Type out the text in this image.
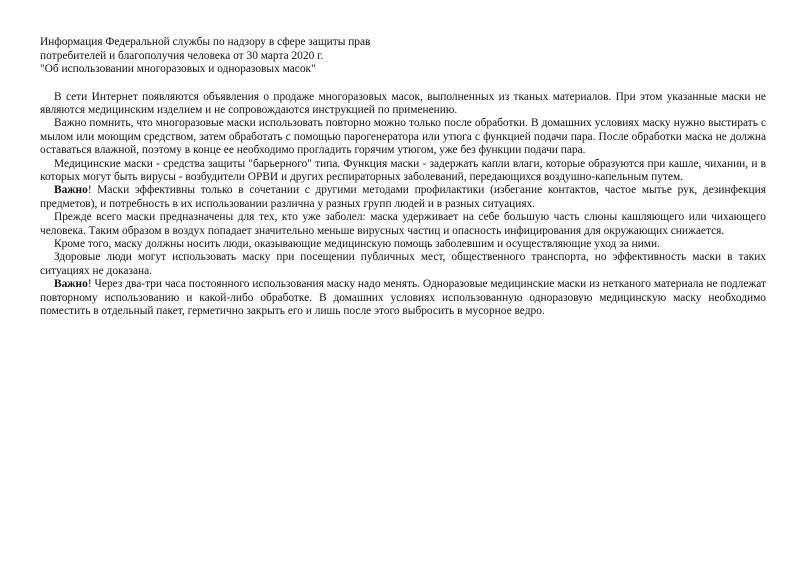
Информация Федеральной службы по надзору в сфере защиты прав
потребителей и благополучия человека от 30 марта 2020 г.
"Об использовании многоразовых и одноразовых масок"

В сети Интернет появляются объявления о продаже многоразовых масок, выполненных из тканых материалов. При этом указанные маски не являются медицинским изделием и не сопровождаются инструкцией по применению.

Важно помнить, что многоразовые маски использовать повторно можно только после обработки. В домашних условиях маску нужно выстирать с мылом или моющим средством, затем обработать с помощью парогенератора или утюга с функцией подачи пара. После обработки маска не должна оставаться влажной, поэтому в конце ее необходимо прогладить горячим утюгом, уже без функции подачи пара.

Медицинские маски - средства защиты "барьерного" типа. Функция маски - задержать капли влаги, которые образуются при кашле, чихании, и в которых могут быть вирусы - возбудители ОРВИ и других респираторных заболеваний, передающихся воздушно-капельным путем.

Важно! Маски эффективны только в сочетании с другими методами профилактики (избегание контактов, частое мытье рук, дезинфекция предметов), и потребность в их использовании различна у разных групп людей и в разных ситуациях.

Прежде всего маски предназначены для тех, кто уже заболел: маска удерживает на себе большую часть слюны кашляющего или чихающего человека. Таким образом в воздух попадает значительно меньше вирусных частиц и опасность инфицирования для окружающих снижается.

Кроме того, маску должны носить люди, оказывающие медицинскую помощь заболевшим и осуществляющие уход за ними.

Здоровые люди могут использовать маску при посещении публичных мест, общественного транспорта, но эффективность маски в таких ситуациях не доказана.

Важно! Через два-три часа постоянного использования маску надо менять. Одноразовые медицинские маски из нетканого материала не подлежат повторному использованию и какой-либо обработке. В домашних условиях использованную одноразовую медицинскую маску необходимо поместить в отдельный пакет, герметично закрыть его и лишь после этого выбросить в мусорное ведро.
